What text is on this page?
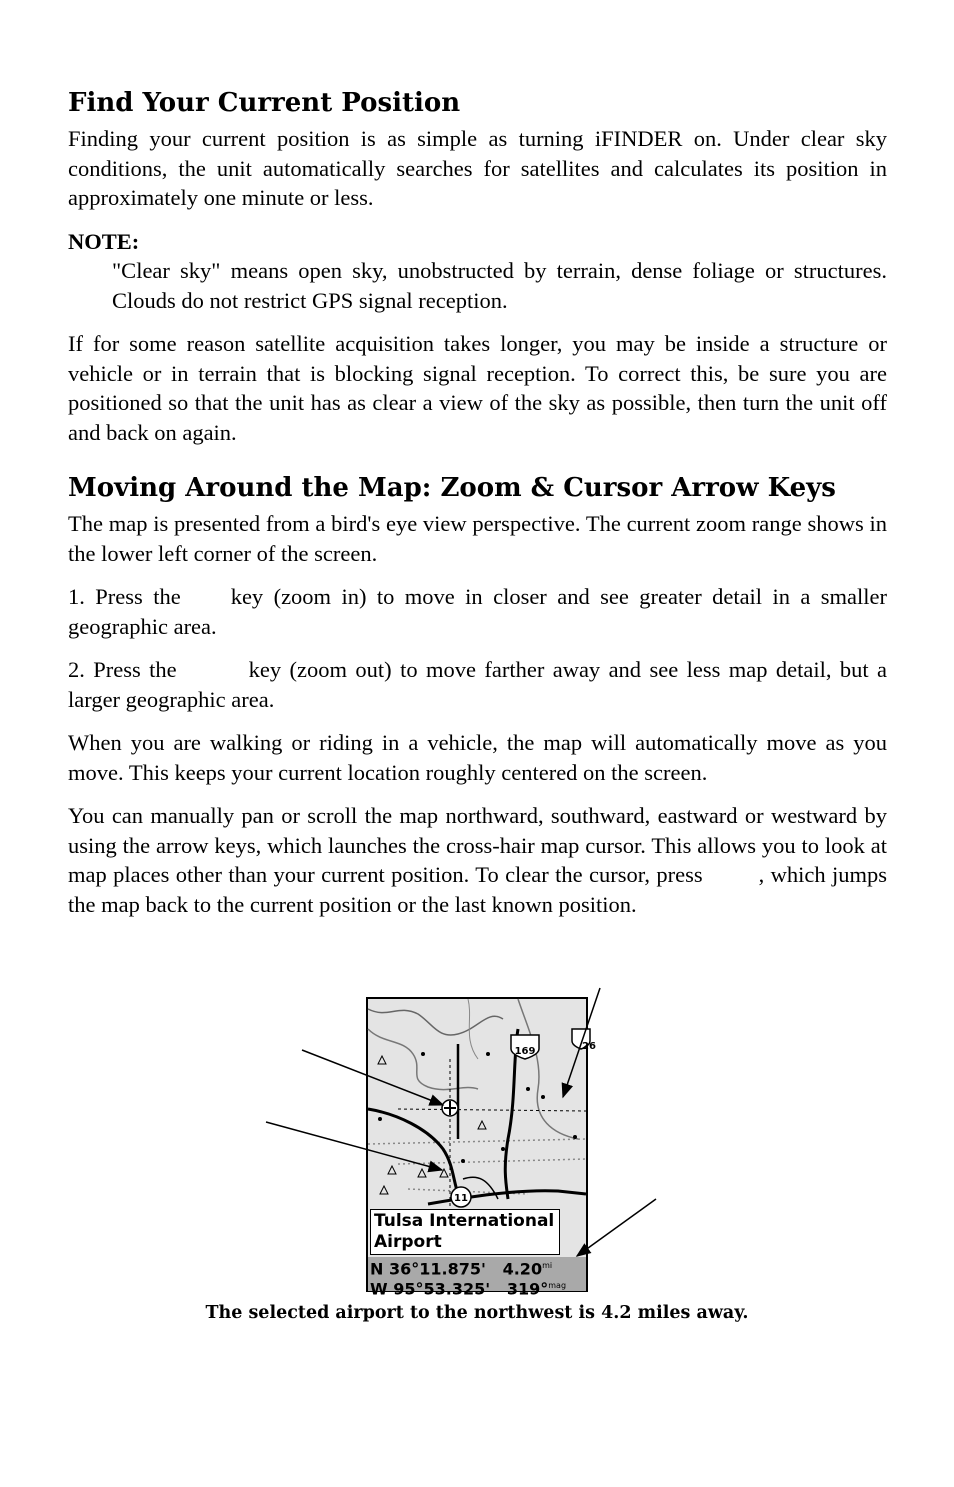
Find Your Current Position

Finding your current position is as simple as turning iFINDER on. Under clear sky conditions, the unit automatically searches for satellites and calculates its position in approximately one minute or less.

NOTE:

"Clear sky" means open sky, unobstructed by terrain, dense foliage or structures. Clouds do not restrict GPS signal reception.

If for some reason satellite acquisition takes longer, you may be inside a structure or vehicle or in terrain that is blocking signal reception. To correct this, be sure you are positioned so that the unit has as clear a view of the sky as possible, then turn the unit off and back on again.

Moving Around the Map: Zoom & Cursor Arrow Keys

The map is presented from a bird's eye view perspective. The current zoom range shows in the lower left corner of the screen.

1. Press the key (zoom in) to move in closer and see greater detail in a smaller geographic area.

2. Press the	key (zoom out) to move farther away and see less map detail, but a larger geographic area.

When you are walking or riding in a vehicle, the map will automatically move as you move. This keeps your current location roughly centered on the screen.

You can manually pan or scroll the map northward, southward, eastward or westward by using the arrow keys, which launches the cross-hair map cursor. This allows you to look at map places other than your current position. To clear the cursor, press , which jumps the map back to the current position or the last known position.

169	26
11
Tulsa International
Airport
N 36°11.875' $4.20^{mi}$
W 95°53.325' 319°$^{mag}$
The selected airport to the northwest is 4.2 miles away.
